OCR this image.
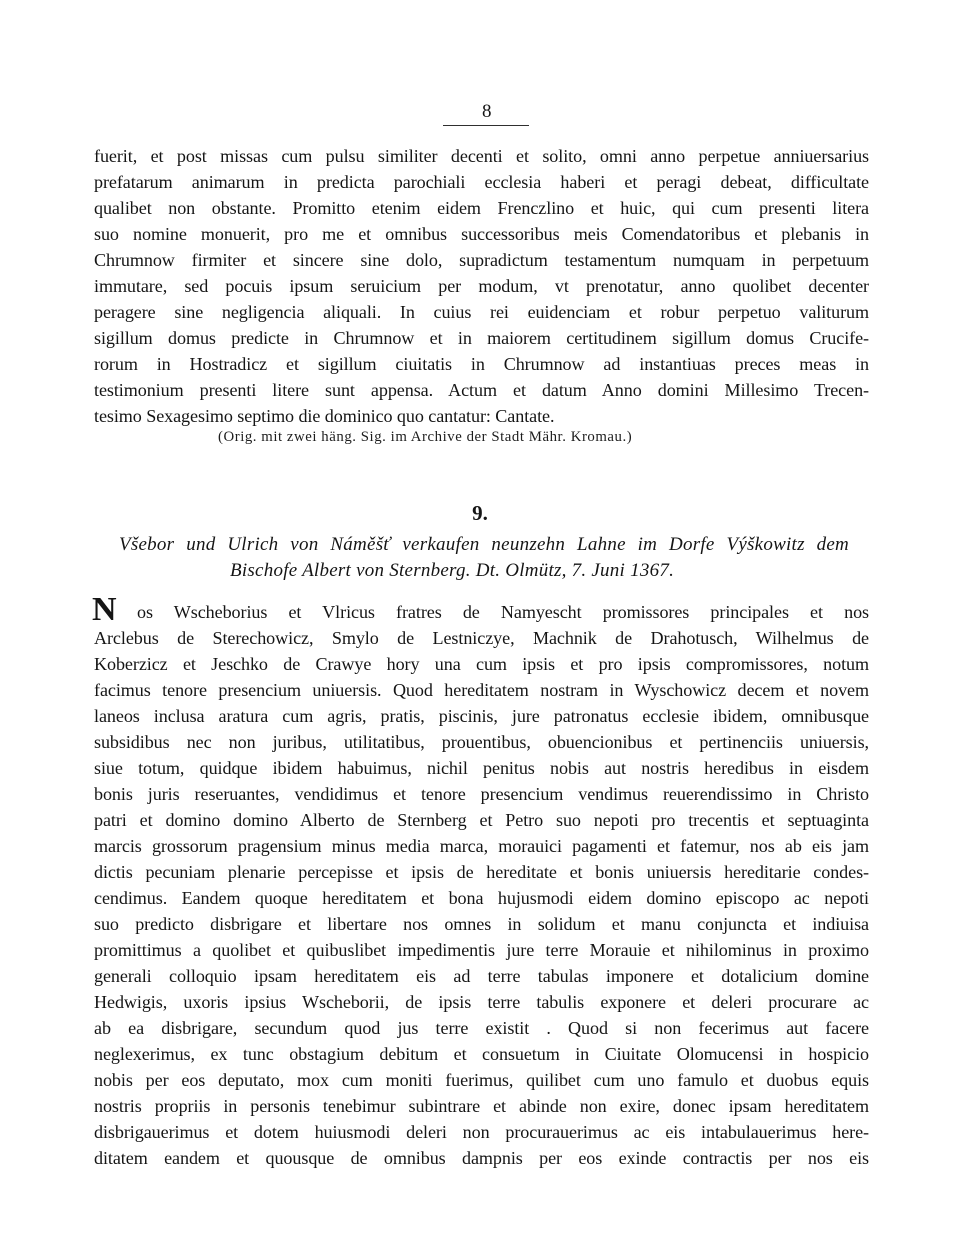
8
fuerit, et post missas cum pulsu similiter decenti et solito, omni anno perpetue anniuersarius
prefatarum animarum in predicta parochiali ecclesia haberi et peragi debeat, difficultate
qualibet non obstante. Promitto etenim eidem Frenczlino et huic, qui cum presenti litera
suo nomine monuerit, pro me et omnibus successoribus meis Comendatoribus et plebanis in
Chrumnow firmiter et sincere sine dolo, supradictum testamentum numquam in perpetuum
immutare, sed pocuis ipsum seruicium per modum, vt prenotatur, anno quolibet decenter
peragere sine negligencia aliquali. In cuius rei euidenciam et robur perpetuo valiturum
sigillum domus predicte in Chrumnow et in maiorem certitudinem sigillum domus Crucife-
rorum in Hostradicz et sigillum ciuitatis in Chrumnow ad instantiuas preces meas in
testimonium presenti litere sunt appensa. Actum et datum Anno domini Millesimo Trecen-
tesimo Sexagesimo septimo die dominico quo cantatur: Cantate.
(Orig. mit zwei häng. Sig. im Archive der Stadt Mähr. Kromau.)
9.
Všebor und Ulrich von Náměšť verkaufen neunzehn Lahne im Dorfe Výškowitz dem
Bischofe Albert von Sternberg. Dt. Olmütz, 7. Juni 1367.
N	os Wscheborius et Vlricus fratres de Namyescht promissores principales et nos
Arclebus de Sterechowicz, Smylo de Lestniczye, Machnik de Drahotusch, Wilhelmus de
Koberzicz et Jeschko de Crawye hory una cum ipsis et pro ipsis compromissores, notum
facimus tenore presencium uniuersis. Quod hereditatem nostram in Wyschowicz decem et novem
laneos inclusa aratura cum agris, pratis, piscinis, jure patronatus ecclesie ibidem, omnibusque
subsidibus nec non juribus, utilitatibus, prouentibus, obuencionibus et pertinenciis uniuersis,
siue totum, quidque ibidem habuimus, nichil penitus nobis aut nostris heredibus in eisdem
bonis juris reseruantes, vendidimus et tenore presencium vendimus reuerendissimo in Christo
patri et domino domino Alberto de Sternberg et Petro suo nepoti pro trecentis et septuaginta
marcis grossorum pragensium minus media marca, morauici pagamenti et fatemur, nos ab eis jam
dictis pecuniam plenarie percepisse et ipsis de hereditate et bonis uniuersis hereditarie condes-
cendimus. Eandem quoque hereditatem et bona hujusmodi eidem domino episcopo ac nepoti
suo predicto disbrigare et libertare nos omnes in solidum et manu conjuncta et indiuisa
promittimus a quolibet et quibuslibet impedimentis jure terre Morauie et nihilominus in proximo
generali colloquio ipsam hereditatem eis ad terre tabulas imponere et dotalicium domine
Hedwigis, uxoris ipsius Wscheborii, de ipsis terre tabulis exponere et deleri procurare ac
ab ea disbrigare, secundum quod jus terre existit . Quod si non fecerimus aut facere
neglexerimus, ex tunc obstagium debitum et consuetum in Ciuitate Olomucensi in hospicio
nobis per eos deputato, mox cum moniti fuerimus, quilibet cum uno famulo et duobus equis
nostris propriis in personis tenebimur subintrare et abinde non exire, donec ipsam hereditatem
disbrigauerimus et dotem huiusmodi deleri non procurauerimus ac eis intabulauerimus here-
ditatem eandem et quousque de omnibus dampnis per eos exinde contractis per nos eis
